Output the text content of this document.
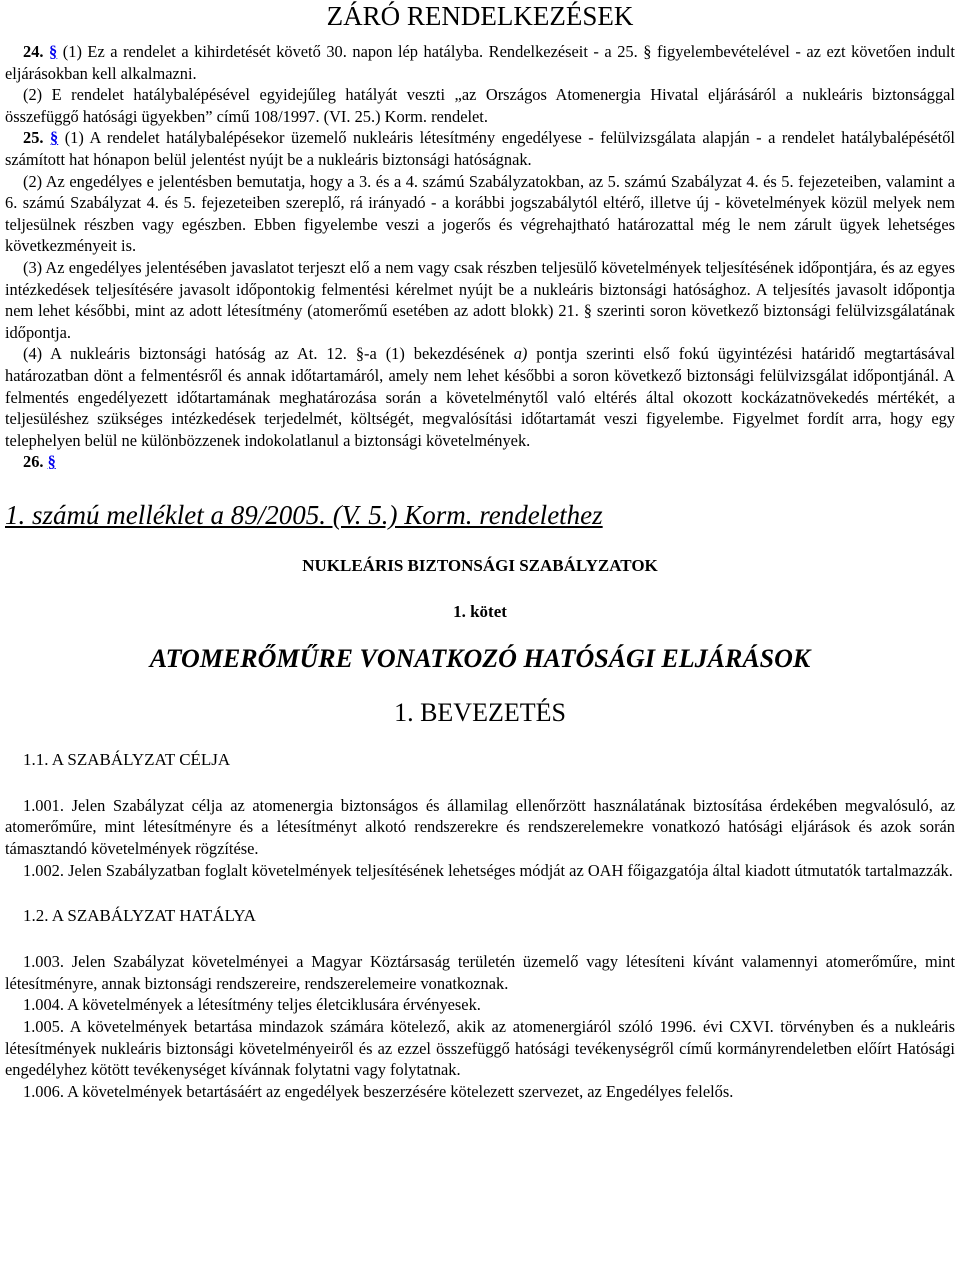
ZÁRÓ RENDELKEZÉSEK

24. § (1) Ez a rendelet a kihirdetését követő 30. napon lép hatályba. Rendelkezéseit - a 25. § figyelembevételével - az ezt követően indult eljárásokban kell alkalmazni.

(2) E rendelet hatálybalépésével egyidejűleg hatályát veszti „az Országos Atomenergia Hivatal eljárásáról a nukleáris biztonsággal összefüggő hatósági ügyekben” című 108/1997. (VI. 25.) Korm. rendelet.

25. § (1) A rendelet hatálybalépésekor üzemelő nukleáris létesítmény engedélyese - felülvizsgálata alapján - a rendelet hatálybalépésétől számított hat hónapon belül jelentést nyújt be a nukleáris biztonsági hatóságnak.

(2) Az engedélyes e jelentésben bemutatja, hogy a 3. és a 4. számú Szabályzatokban, az 5. számú Szabályzat 4. és 5. fejezeteiben, valamint a 6. számú Szabályzat 4. és 5. fejezeteiben szereplő, rá irányadó - a korábbi jogszabálytól eltérő, illetve új - követelmények közül melyek nem teljesülnek részben vagy egészben. Ebben figyelembe veszi a jogerős és végrehajtható határozattal még le nem zárult ügyek lehetséges következményeit is.

(3) Az engedélyes jelentésében javaslatot terjeszt elő a nem vagy csak részben teljesülő követelmények teljesítésének időpontjára, és az egyes intézkedések teljesítésére javasolt időpontokig felmentési kérelmet nyújt be a nukleáris biztonsági hatósághoz. A teljesítés javasolt időpontja nem lehet későbbi, mint az adott létesítmény (atomerőmű esetében az adott blokk) 21. § szerinti soron következő biztonsági felülvizsgálatának időpontja.

(4) A nukleáris biztonsági hatóság az At. 12. §-a (1) bekezdésének a) pontja szerinti első fokú ügyintézési határidő megtartásával határozatban dönt a felmentésről és annak időtartamáról, amely nem lehet későbbi a soron következő biztonsági felülvizsgálat időpontjánál. A felmentés engedélyezett időtartamának meghatározása során a követelménytől való eltérés által okozott kockázatnövekedés mértékét, a teljesüléshez szükséges intézkedések terjedelmét, költségét, megvalósítási időtartamát veszi figyelembe. Figyelmet fordít arra, hogy egy telephelyen belül ne különbözzenek indokolatlanul a biztonsági követelmények.

26. §

1. számú melléklet a 89/2005. (V. 5.) Korm. rendelethez
NUKLEÁRIS BIZTONSÁGI SZABÁLYZATOK
1. kötet
ATOMERŐMŰRE VONATKOZÓ HATÓSÁGI ELJÁRÁSOK
1. BEVEZETÉS
1.1. A SZABÁLYZAT CÉLJA

1.001. Jelen Szabályzat célja az atomenergia biztonságos és államilag ellenőrzött használatának biztosítása érdekében megvalósuló, az atomerőműre, mint létesítményre és a létesítményt alkotó rendszerekre és rendszerelemekre vonatkozó hatósági eljárások és azok során támasztandó követelmények rögzítése.

1.002. Jelen Szabályzatban foglalt követelmények teljesítésének lehetséges módját az OAH főigazgatója által kiadott útmutatók tartalmazzák.

1.2. A SZABÁLYZAT HATÁLYA

1.003. Jelen Szabályzat követelményei a Magyar Köztársaság területén üzemelő vagy létesíteni kívánt valamennyi atomerőműre, mint létesítményre, annak biztonsági rendszereire, rendszerelemeire vonatkoznak.

1.004. A követelmények a létesítmény teljes életciklusára érvényesek.

1.005. A követelmények betartása mindazok számára kötelező, akik az atomenergiáról szóló 1996. évi CXVI. törvényben és a nukleáris létesítmények nukleáris biztonsági követelményeiről és az ezzel összefüggő hatósági tevékenységről című kormányrendeletben előírt Hatósági engedélyhez kötött tevékenységet kívánnak folytatni vagy folytatnak.

1.006. A követelmények betartásáért az engedélyek beszerzésére kötelezett szervezet, az Engedélyes felelős.
